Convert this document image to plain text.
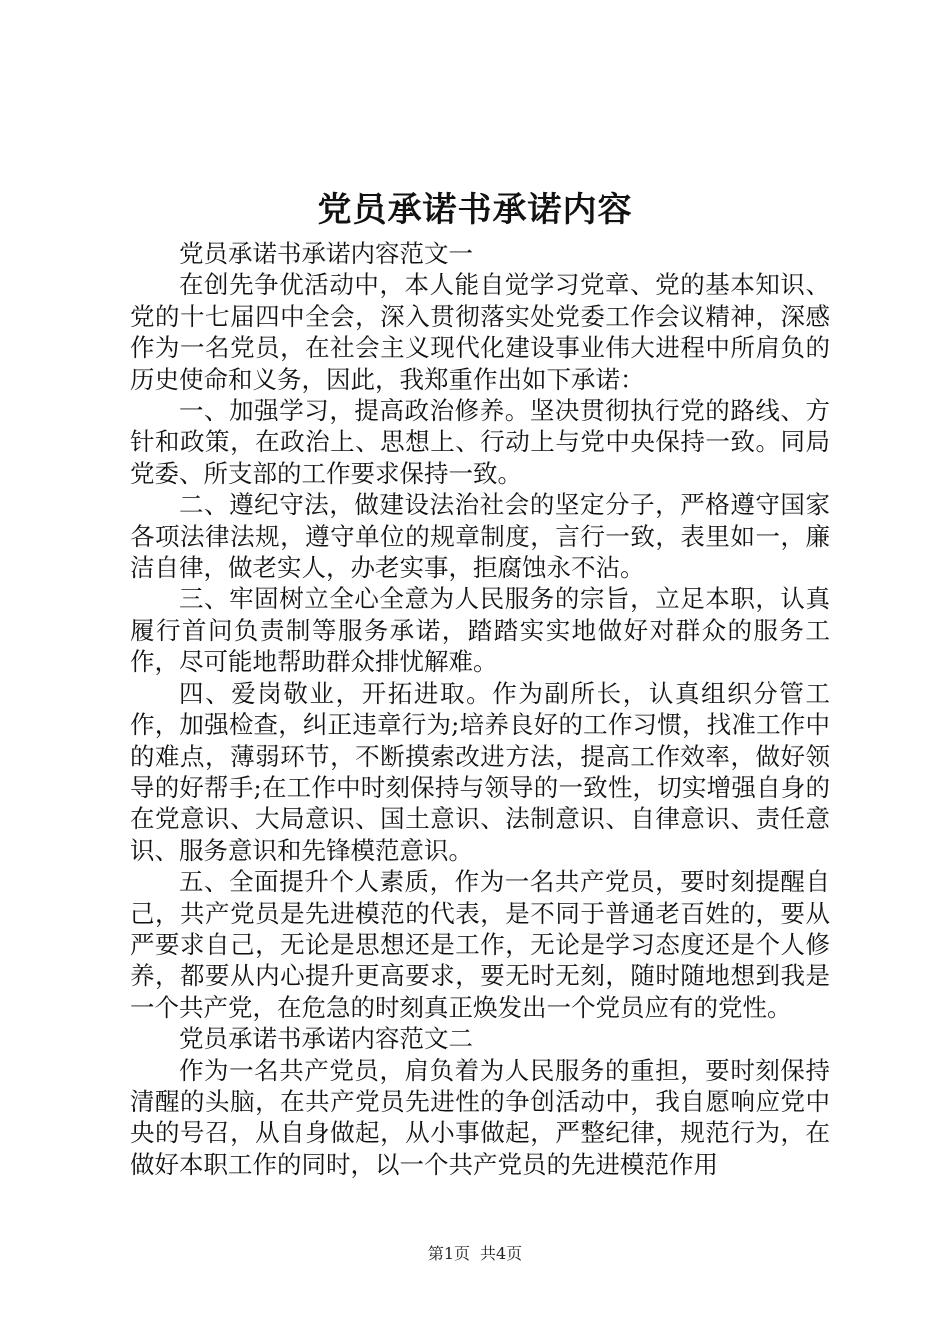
党员承诺书承诺内容

党员承诺书承诺内容范文一

在创先争优活动中，本人能自觉学习党章、党的基本知识、党的十七届四中全会，深入贯彻落实处党委工作会议精神，深感作为一名党员，在社会主义现代化建设事业伟大进程中所肩负的历史使命和义务，因此，我郑重作出如下承诺：

一、加强学习，提高政治修养。坚决贯彻执行党的路线、方针和政策，在政治上、思想上、行动上与党中央保持一致。同局党委、所支部的工作要求保持一致。

二、遵纪守法，做建设法治社会的坚定分子，严格遵守国家各项法律法规，遵守单位的规章制度，言行一致，表里如一，廉洁自律，做老实人，办老实事，拒腐蚀永不沾。

三、牢固树立全心全意为人民服务的宗旨，立足本职，认真履行首问负责制等服务承诺，踏踏实实地做好对群众的服务工作，尽可能地帮助群众排忧解难。

四、爱岗敬业，开拓进取。作为副所长，认真组织分管工作，加强检查，纠正违章行为;培养良好的工作习惯，找准工作中的难点，薄弱环节，不断摸索改进方法，提高工作效率，做好领导的好帮手;在工作中时刻保持与领导的一致性，切实增强自身的在党意识、大局意识、国土意识、法制意识、自律意识、责任意识、服务意识和先锋模范意识。

五、全面提升个人素质，作为一名共产党员，要时刻提醒自己，共产党员是先进模范的代表，是不同于普通老百姓的，要从严要求自己，无论是思想还是工作，无论是学习态度还是个人修养，都要从内心提升更高要求，要无时无刻，随时随地想到我是一个共产党，在危急的时刻真正焕发出一个党员应有的党性。

党员承诺书承诺内容范文二

作为一名共产党员，肩负着为人民服务的重担，要时刻保持清醒的头脑，在共产党员先进性的争创活动中，我自愿响应党中央的号召，从自身做起，从小事做起，严整纪律，规范行为，在做好本职工作的同时，以一个共产党员的先进模范作用

第1页 共4页
